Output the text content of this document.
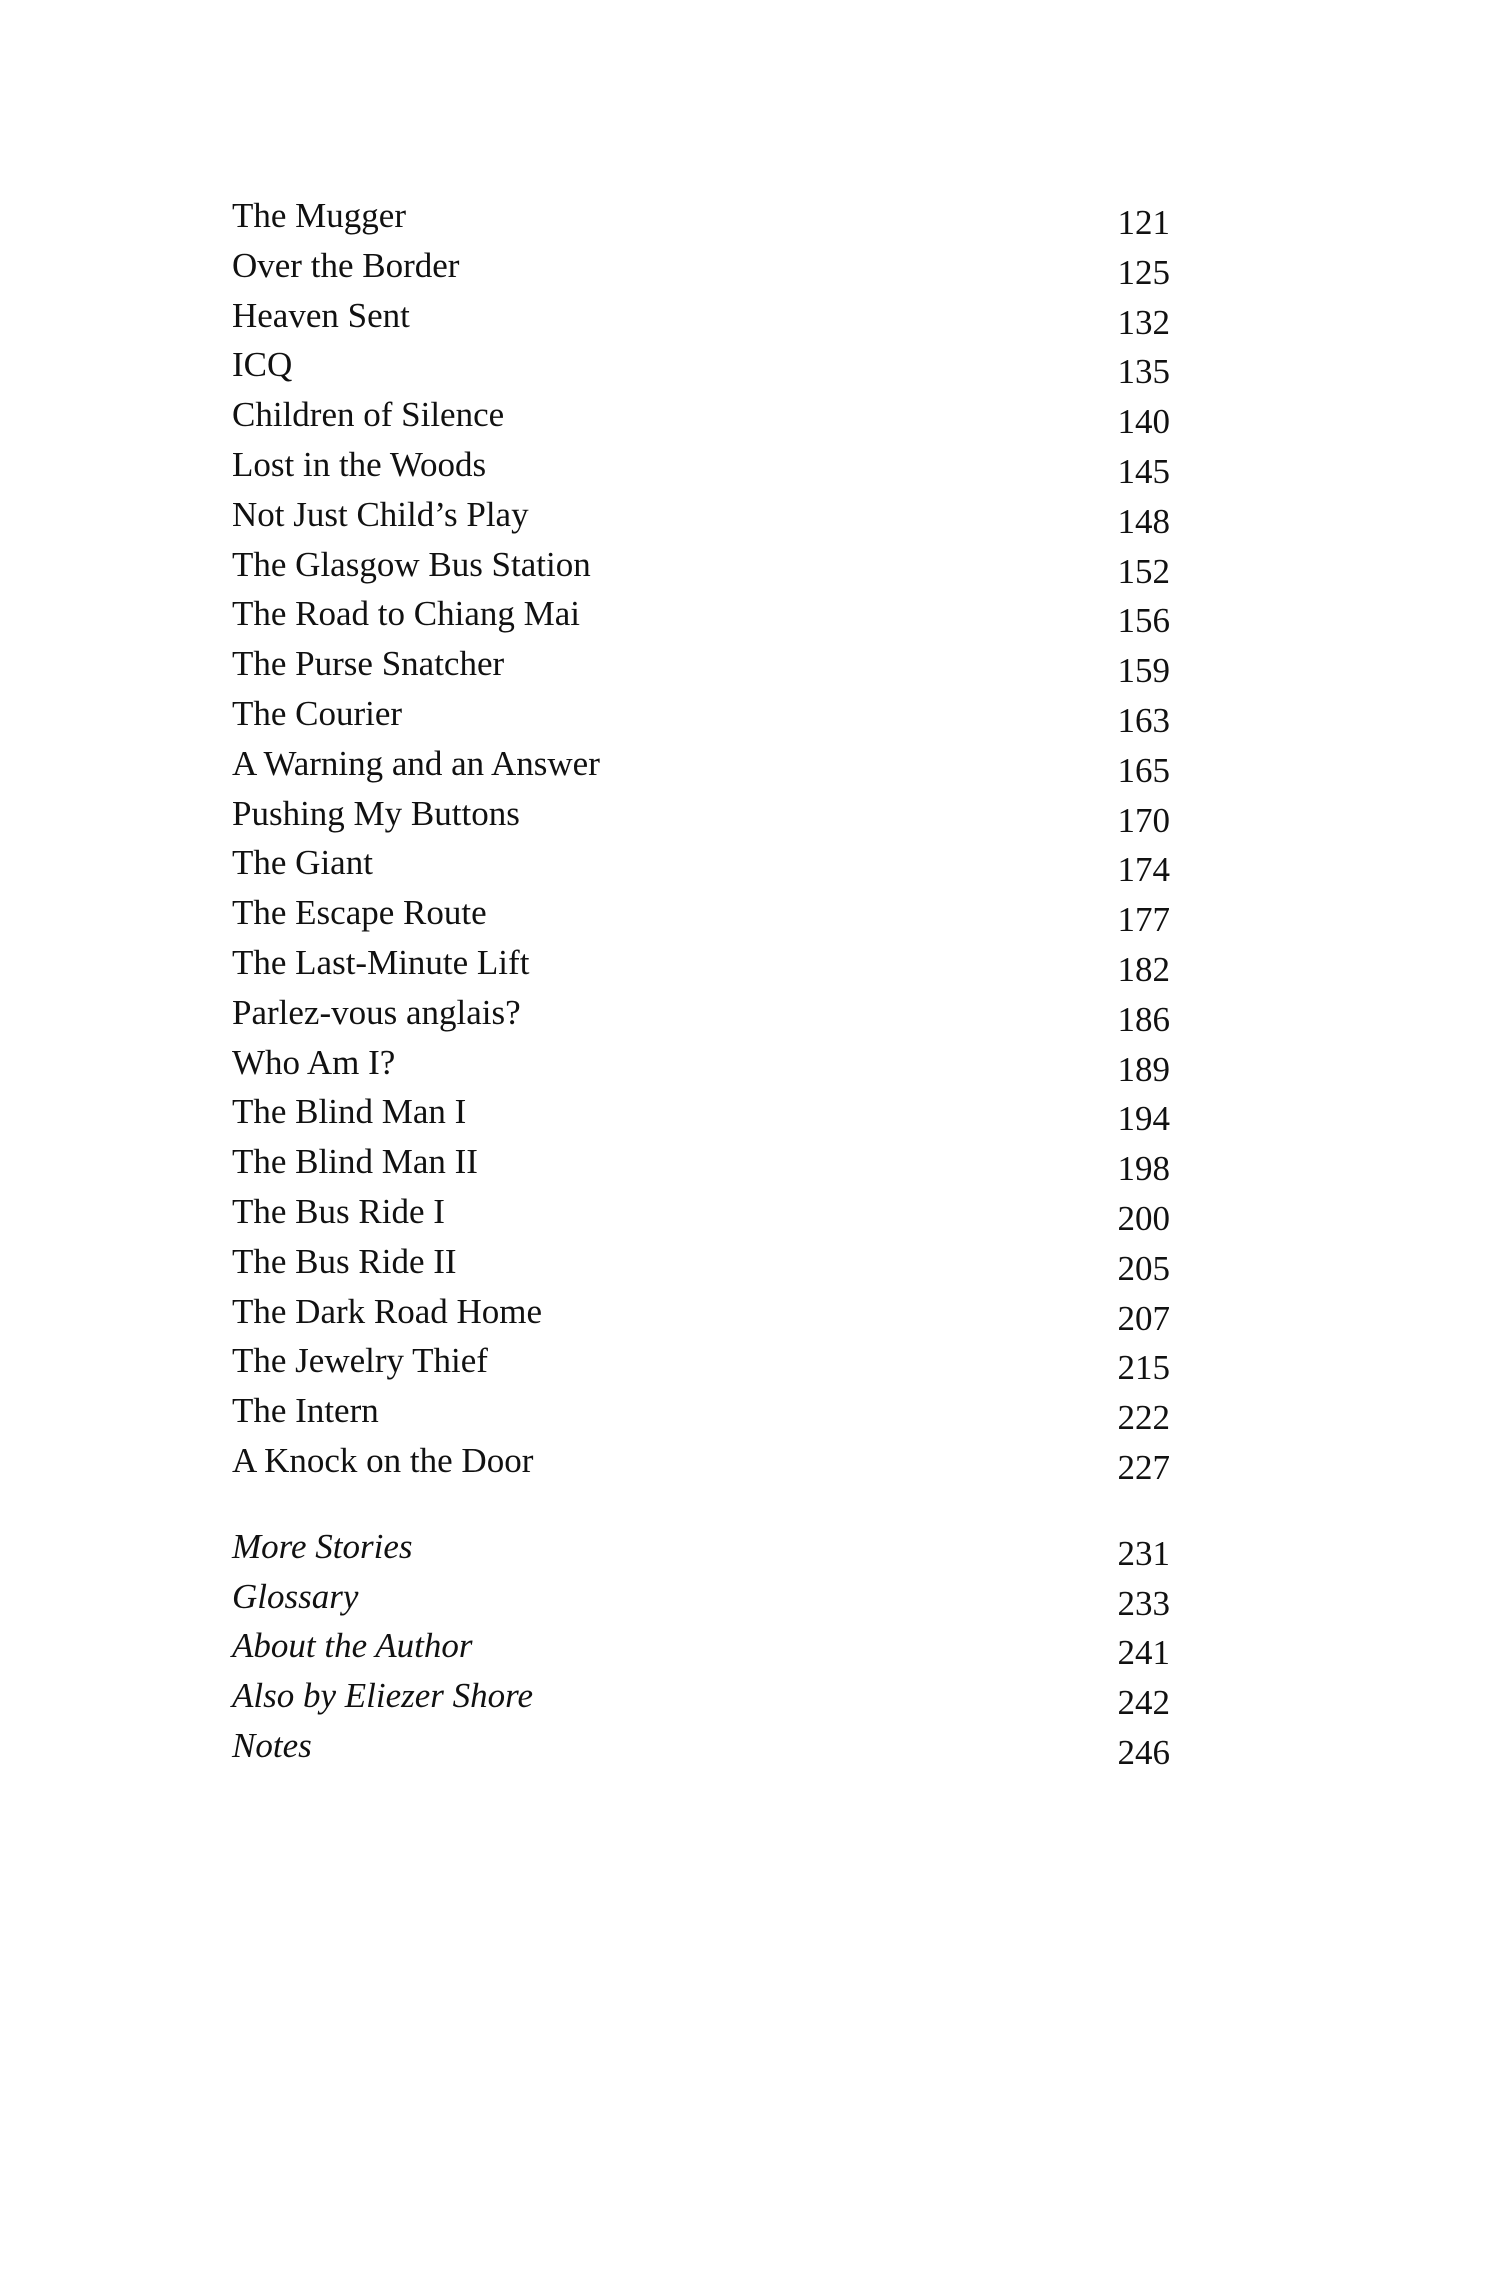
The Mugger	121
Over the Border	125
Heaven Sent	132
ICQ	135
Children of Silence	140
Lost in the Woods	145
Not Just Child’s Play	148
The Glasgow Bus Station	152
The Road to Chiang Mai	156
The Purse Snatcher	159
The Courier	163
A Warning and an Answer	165
Pushing My Buttons	170
The Giant	174
The Escape Route	177
The Last-Minute Lift	182
Parlez-vous anglais?	186
Who Am I?	189
The Blind Man I	194
The Blind Man II	198
The Bus Ride I	200
The Bus Ride II	205
The Dark Road Home	207
The Jewelry Thief	215
The Intern	222
A Knock on the Door	227
More Stories	231
Glossary	233
About the Author	241
Also by Eliezer Shore	242
Notes	246
